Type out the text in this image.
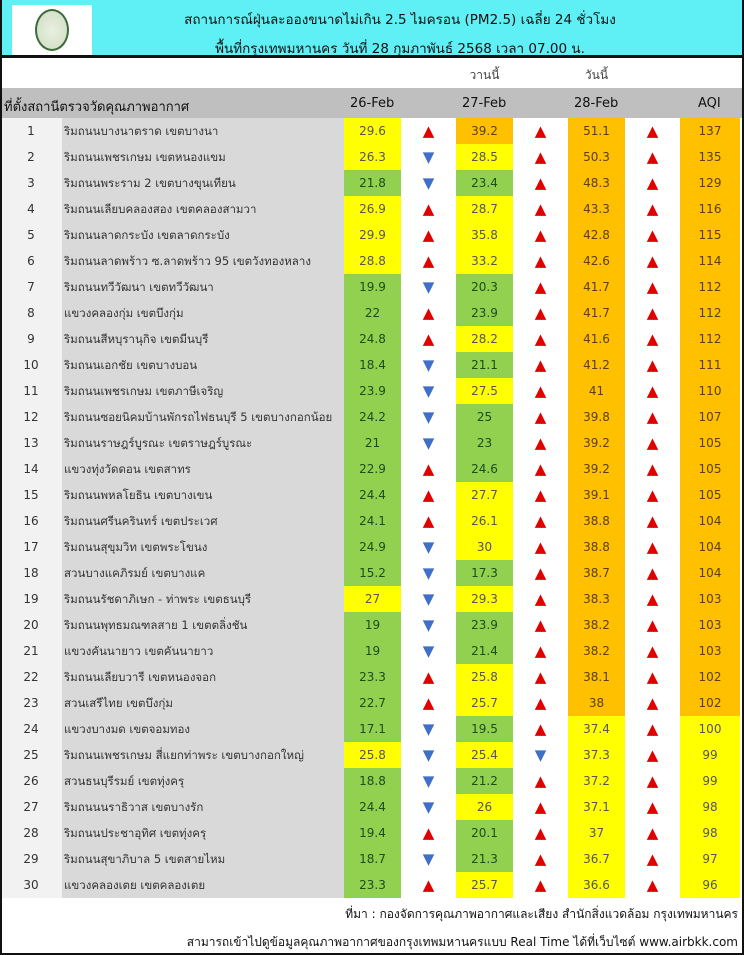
สถานการณ์ฝุ่นละอองขนาดไม่เกิน 2.5 ไมครอน (PM2.5) เฉลี่ย 24 ชั่วโมง
พื้นที่กรุงเทพมหานคร วันที่ 28 กุมภาพันธ์ 2568 เวลา 07.00 น.
วานนี้	วันนี้
ที่ตั้งสถานีตรวจวัดคุณภาพอากาศ	26-Feb	27-Feb	28-Feb	AQI
1	ริมถนนบางนาตราด เขตบางนา	29.6	▲	39.2	▲	51.1	▲	137
2	ริมถนนเพชรเกษม เขตหนองแขม	26.3	▼	28.5	▲	50.3	▲	135
3	ริมถนนพระราม 2 เขตบางขุนเทียน	21.8	▼	23.4	▲	48.3	▲	129
4	ริมถนนเลียบคลองสอง เขตคลองสามวา	26.9	▲	28.7	▲	43.3	▲	116
5	ริมถนนลาดกระบัง เขตลาดกระบัง	29.9	▲	35.8	▲	42.8	▲	115
6	ริมถนนลาดพร้าว ซ.ลาดพร้าว 95 เขตวังทองหลาง	28.8	▲	33.2	▲	42.6	▲	114
7	ริมถนนทวีวัฒนา เขตทวีวัฒนา	19.9	▼	20.3	▲	41.7	▲	112
8	แขวงคลองกุ่ม เขตบึงกุ่ม	22	▲	23.9	▲	41.7	▲	112
9	ริมถนนสีหบุรานุกิจ เขตมีนบุรี	24.8	▲	28.2	▲	41.6	▲	112
10	ริมถนนเอกชัย เขตบางบอน	18.4	▼	21.1	▲	41.2	▲	111
11	ริมถนนเพชรเกษม เขตภาษีเจริญ	23.9	▼	27.5	▲	41	▲	110
12	ริมถนนซอยนิคมบ้านพักรถไฟธนบุรี 5 เขตบางกอกน้อย	24.2	▼	25	▲	39.8	▲	107
13	ริมถนนราษฎร์บูรณะ เขตราษฎร์บูรณะ	21	▼	23	▲	39.2	▲	105
14	แขวงทุ่งวัดดอน เขตสาทร	22.9	▲	24.6	▲	39.2	▲	105
15	ริมถนนพหลโยธิน เขตบางเขน	24.4	▲	27.7	▲	39.1	▲	105
16	ริมถนนศรีนครินทร์ เขตประเวศ	24.1	▲	26.1	▲	38.8	▲	104
17	ริมถนนสุขุมวิท เขตพระโขนง	24.9	▼	30	▲	38.8	▲	104
18	สวนบางแคภิรมย์ เขตบางแค	15.2	▼	17.3	▲	38.7	▲	104
19	ริมถนนรัชดาภิเษก - ท่าพระ เขตธนบุรี	27	▼	29.3	▲	38.3	▲	103
20	ริมถนนพุทธมณฑลสาย 1 เขตตลิ่งชัน	19	▼	23.9	▲	38.2	▲	103
21	แขวงคันนายาว เขตคันนายาว	19	▼	21.4	▲	38.2	▲	103
22	ริมถนนเลียบวารี เขตหนองจอก	23.3	▲	25.8	▲	38.1	▲	102
23	สวนเสรีไทย เขตบึงกุ่ม	22.7	▲	25.7	▲	38	▲	102
24	แขวงบางมด เขตจอมทอง	17.1	▼	19.5	▲	37.4	▲	100
25	ริมถนนเพชรเกษม สี่แยกท่าพระ เขตบางกอกใหญ่	25.8	▼	25.4	▼	37.3	▲	99
26	สวนธนบุรีรมย์ เขตทุ่งครุ	18.8	▼	21.2	▲	37.2	▲	99
27	ริมถนนนราธิวาส เขตบางรัก	24.4	▼	26	▲	37.1	▲	98
28	ริมถนนประชาอุทิศ เขตทุ่งครุ	19.4	▲	20.1	▲	37	▲	98
29	ริมถนนสุขาภิบาล 5 เขตสายไหม	18.7	▼	21.3	▲	36.7	▲	97
30	แขวงคลองเตย เขตคลองเตย	23.3	▲	25.7	▲	36.6	▲	96
ที่มา : กองจัดการคุณภาพอากาศและเสียง สำนักสิ่งแวดล้อม กรุงเทพมหานคร
สามารถเข้าไปดูข้อมูลคุณภาพอากาศของกรุงเทพมหานครแบบ Real Time ได้ที่เว็บไซต์ www.airbkk.com
